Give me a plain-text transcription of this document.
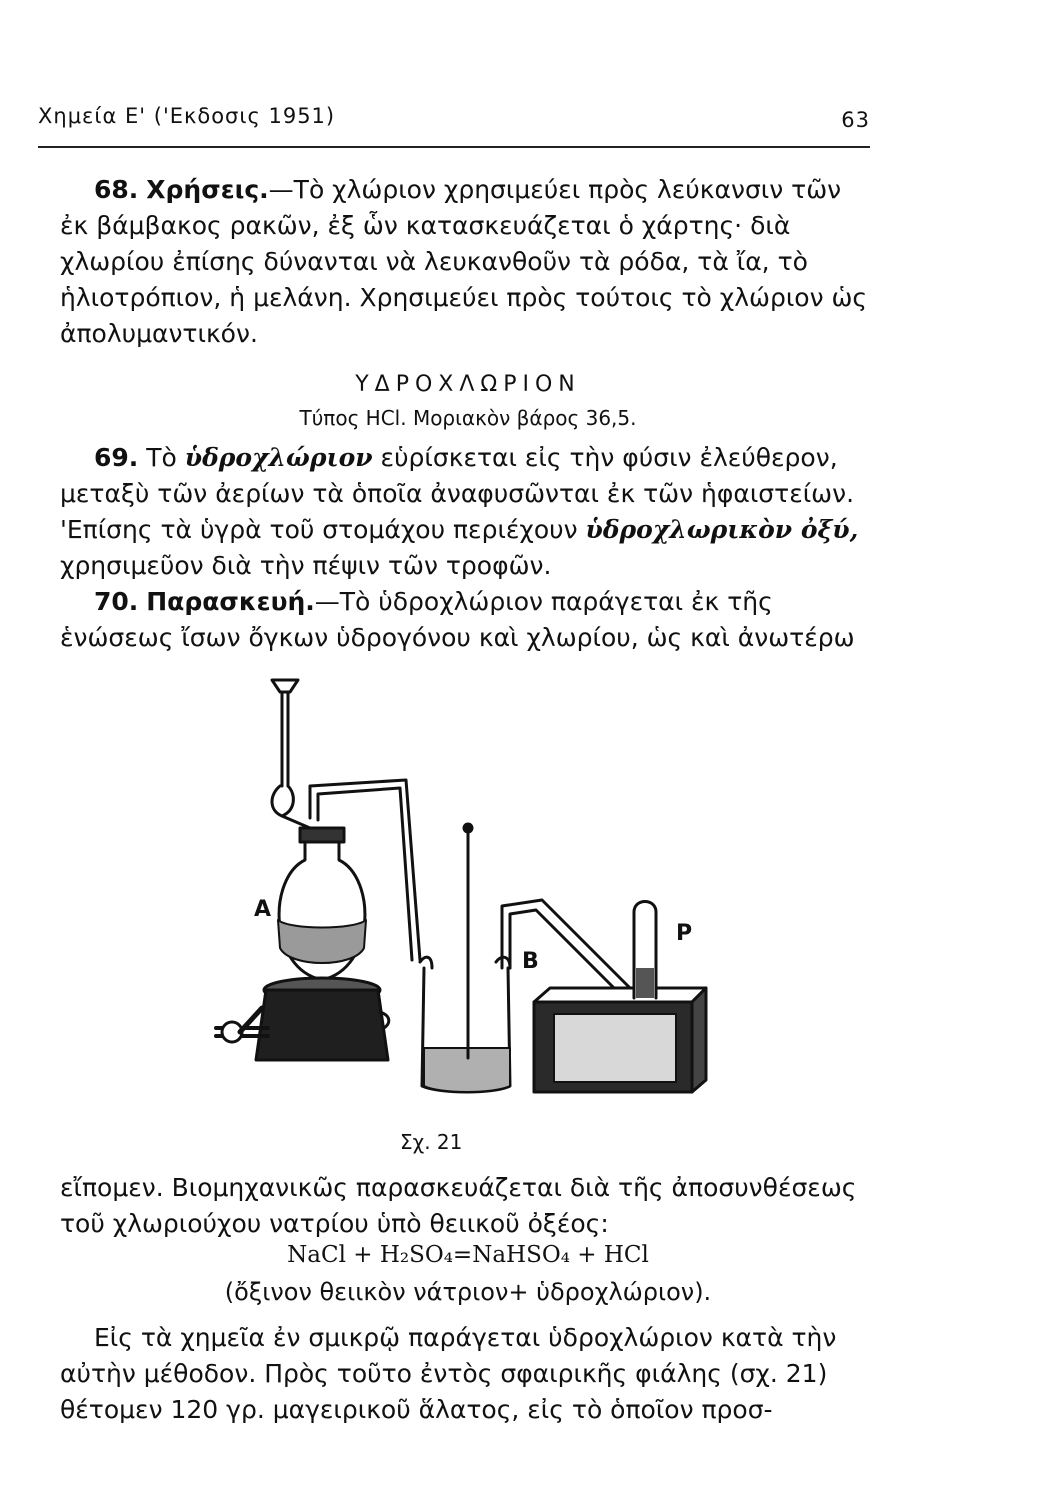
Χημεία Ε' ('Εκδοσις 1951)	63

68. Χρήσεις.—Τὸ χλώριον χρησιμεύει πρὸς λεύκανσιν τῶν ἐκ βάμβακος ρακῶν, ἐξ ὧν κατασκευάζεται ὁ χάρτης· διὰ χλωρίου ἐπίσης δύνανται νὰ λευκανθοῦν τὰ ρόδα, τὰ ἴα, τὸ ἡλιοτρόπιον, ἡ μελάνη. Χρησιμεύει πρὸς τούτοις τὸ χλώριον ὡς ἀπολυμαντικόν.

ΥΔΡΟΧΛΩΡΙΟΝ

Τύπος HCl. Μοριακὸν βάρος 36,5.

69. Τὸ ὑδροχλώριον εὑρίσκεται εἰς τὴν φύσιν ἐλεύθερον, μεταξὺ τῶν ἀερίων τὰ ὁποῖα ἀναφυσῶνται ἐκ τῶν ἡφαιστείων. 'Επίσης τὰ ὑγρὰ τοῦ στομάχου περιέχουν ὑδροχλωρικὸν ὀξύ, χρησιμεῦον διὰ τὴν πέψιν τῶν τροφῶν.

70. Παρασκευή.—Τὸ ὑδροχλώριον παράγεται ἐκ τῆς ἑνώσεως ἴσων ὄγκων ὑδρογόνου καὶ χλωρίου, ὡς καὶ ἀνωτέρω

A
B
P
Σχ. 21

εἴπομεν. Βιομηχανικῶς παρασκευάζεται διὰ τῆς ἀποσυνθέσεως τοῦ χλωριούχου νατρίου ὑπὸ θειικοῦ ὀξέος:

NaCl + H₂SO₄=NaHSO₄ + HCl

(ὄξινον θειικὸν νάτριον+ ὑδροχλώριον).

Εἰς τὰ χημεῖα ἐν σμικρῷ παράγεται ὑδροχλώριον κατὰ τὴν αὐτὴν μέθοδον. Πρὸς τοῦτο ἐντὸς σφαιρικῆς φιάλης (σχ. 21) θέτομεν 120 γρ. μαγειρικοῦ ἅλατος, εἰς τὸ ὁποῖον προσ-
